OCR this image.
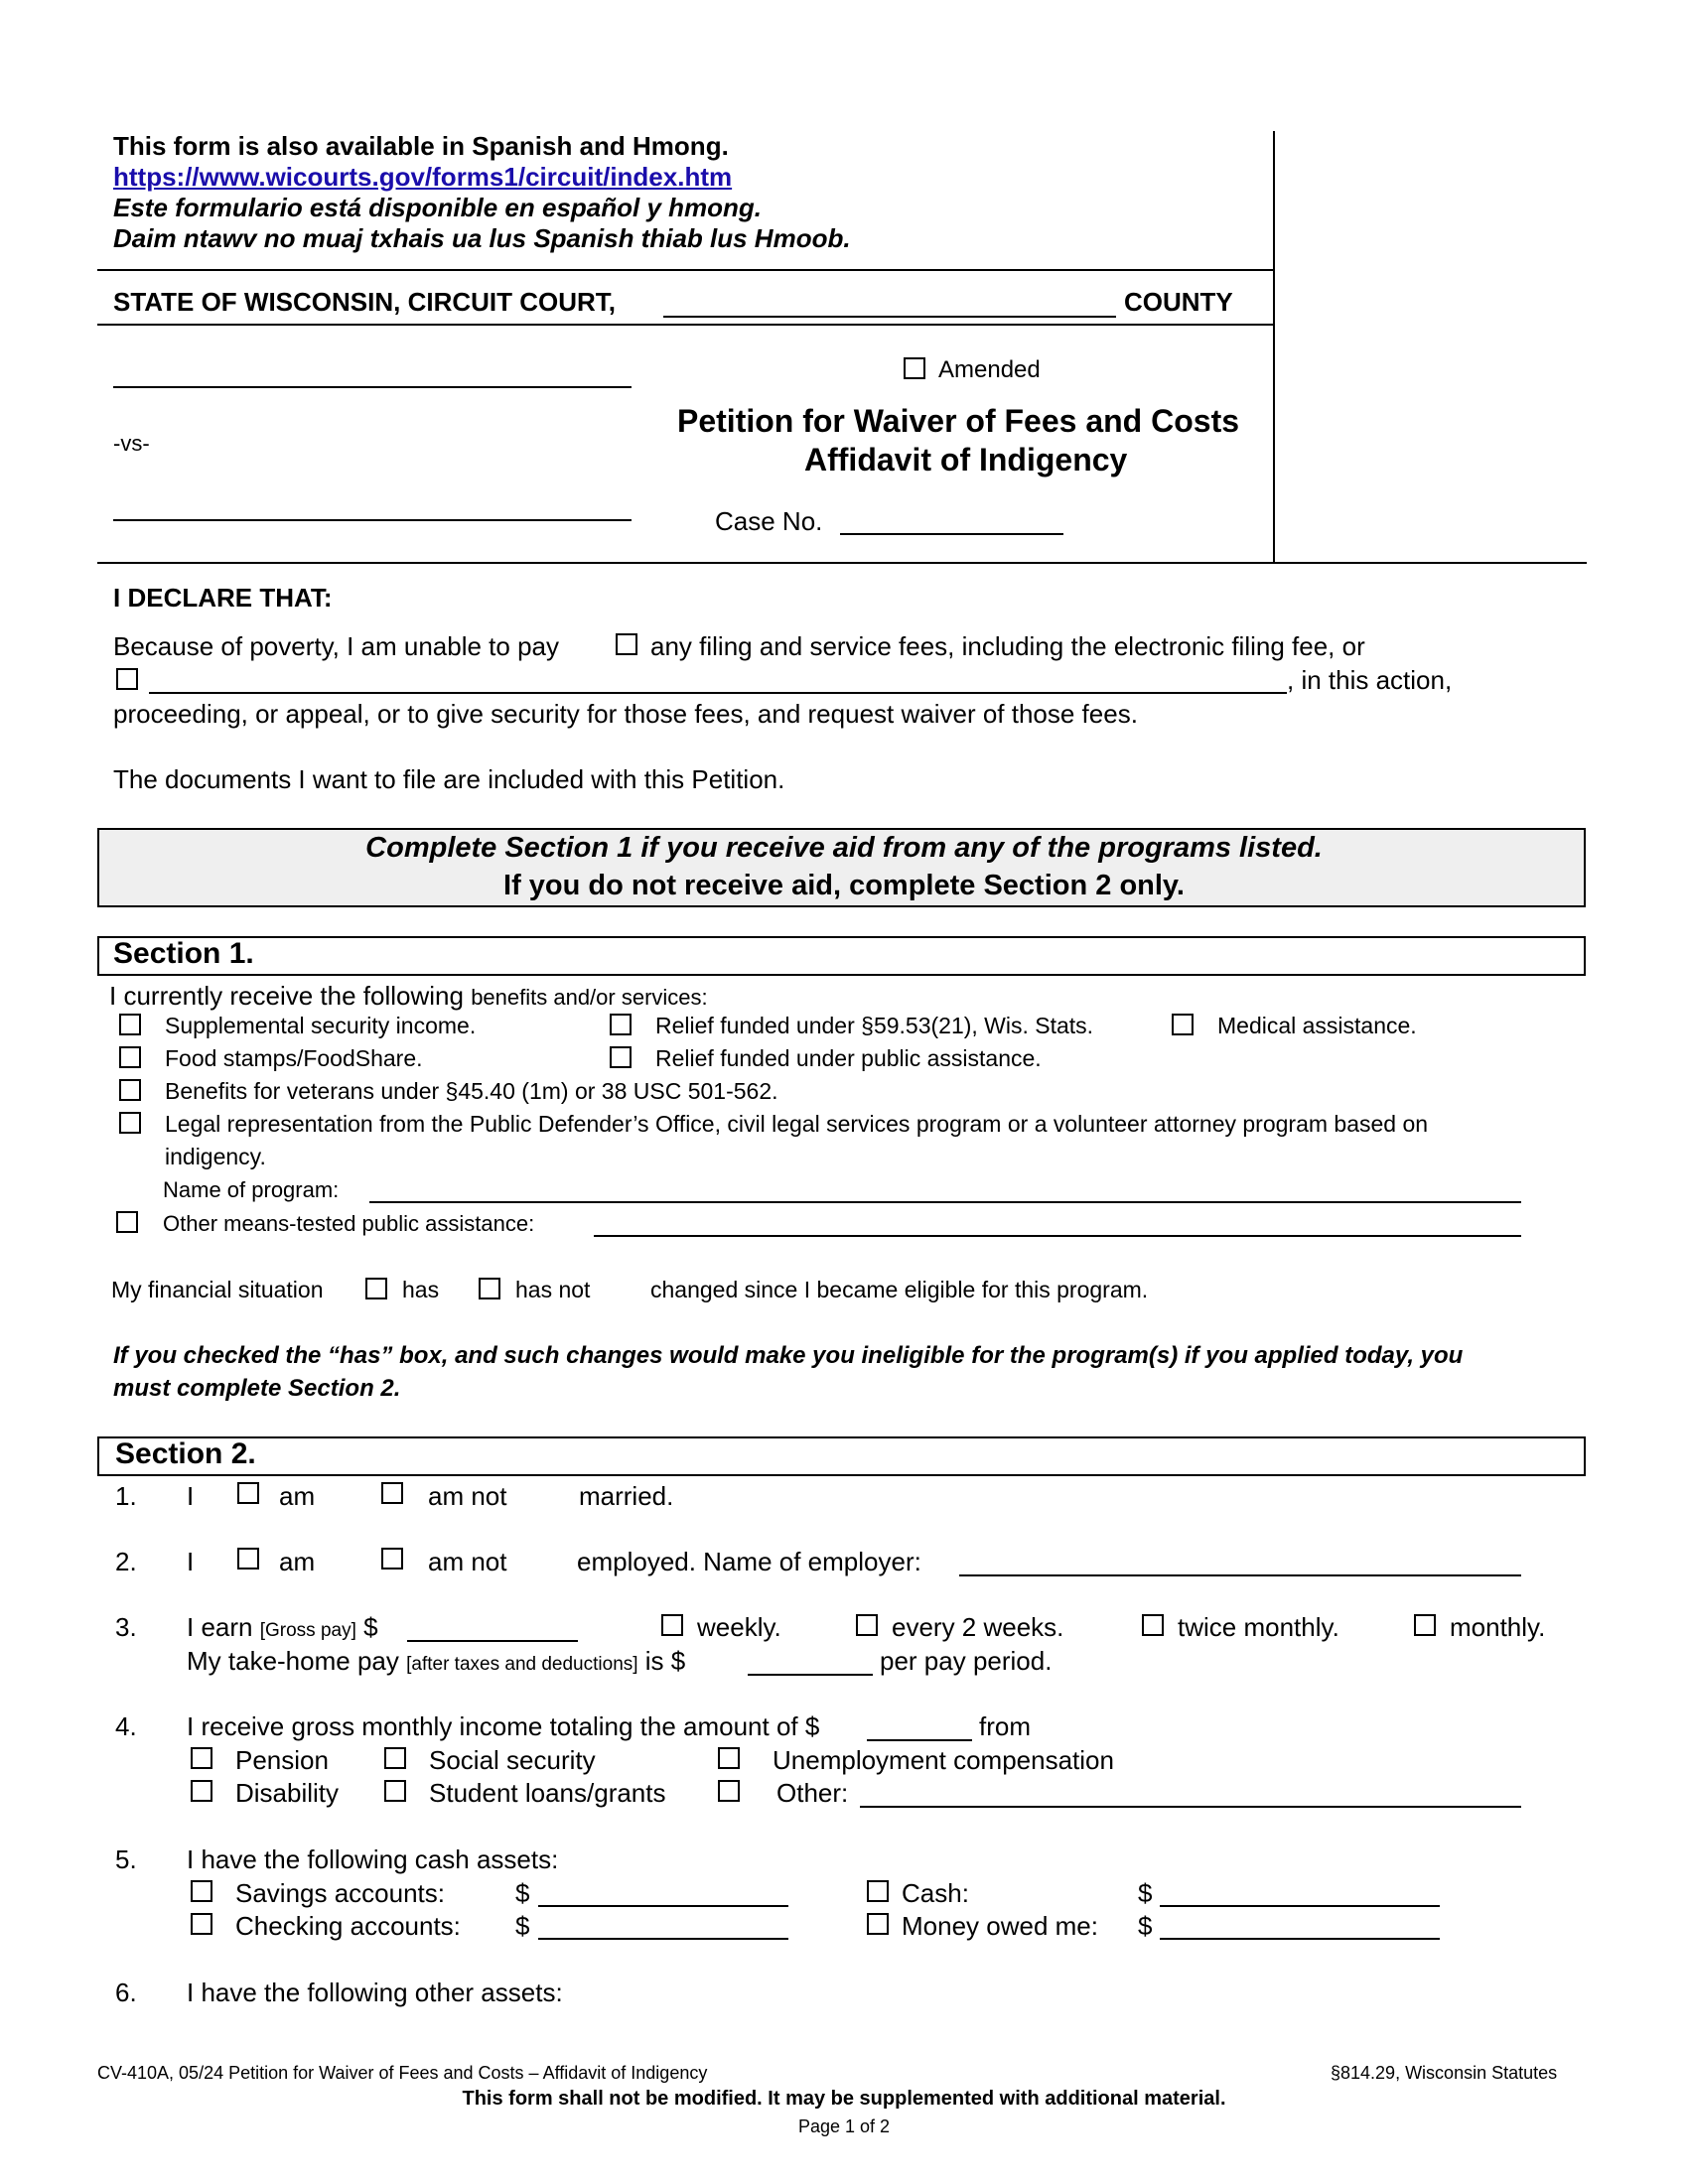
This form is also available in Spanish and Hmong.
https://www.wicourts.gov/forms1/circuit/index.htm
Este formulario está disponible en español y hmong.
Daim ntawv no muaj txhais ua lus Spanish thiab lus Hmoob.
STATE OF WISCONSIN, CIRCUIT COURT,	COUNTY
-vs-
Amended
Petition for Waiver of Fees and Costs
Affidavit of Indigency
Case No.
I DECLARE THAT:
Because of poverty, I am unable to pay	any filing and service fees, including the electronic filing fee, or
, in this action,
proceeding, or appeal, or to give security for those fees, and request waiver of those fees.
The documents I want to file are included with this Petition.
Complete Section 1 if you receive aid from any of the programs listed.
If you do not receive aid, complete Section 2 only.
Section 1.
I currently receive the following benefits and/or services:
Supplemental security income.	Relief funded under §59.53(21), Wis. Stats.	Medical assistance.
Food stamps/FoodShare.	Relief funded under public assistance.
Benefits for veterans under §45.40 (1m) or 38 USC 501-562.
Legal representation from the Public Defender’s Office, civil legal services program or a volunteer attorney program based on
indigency.
Name of program:
Other means-tested public assistance:
My financial situation	has	has not	changed since I became eligible for this program.
If you checked the “has” box, and such changes would make you ineligible for the program(s) if you applied today, you
must complete Section 2.
Section 2.
1. I	am	am not	married.
2. I	am	am not	employed. Name of employer:
3. I earn [Gross pay] $	weekly.	every 2 weeks.	twice monthly.	monthly.
My take-home pay [after taxes and deductions] is $	per pay period.
4. I receive gross monthly income totaling the amount of $	from
Pension	Social security	Unemployment compensation
Disability	Student loans/grants	Other:
5. I have the following cash assets:
Savings accounts:	$	Cash:	$
Checking accounts: $	Money owed me: $
6. I have the following other assets:
CV-410A, 05/24 Petition for Waiver of Fees and Costs – Affidavit of Indigency	§814.29, Wisconsin Statutes
This form shall not be modified. It may be supplemented with additional material.
Page 1 of 2
